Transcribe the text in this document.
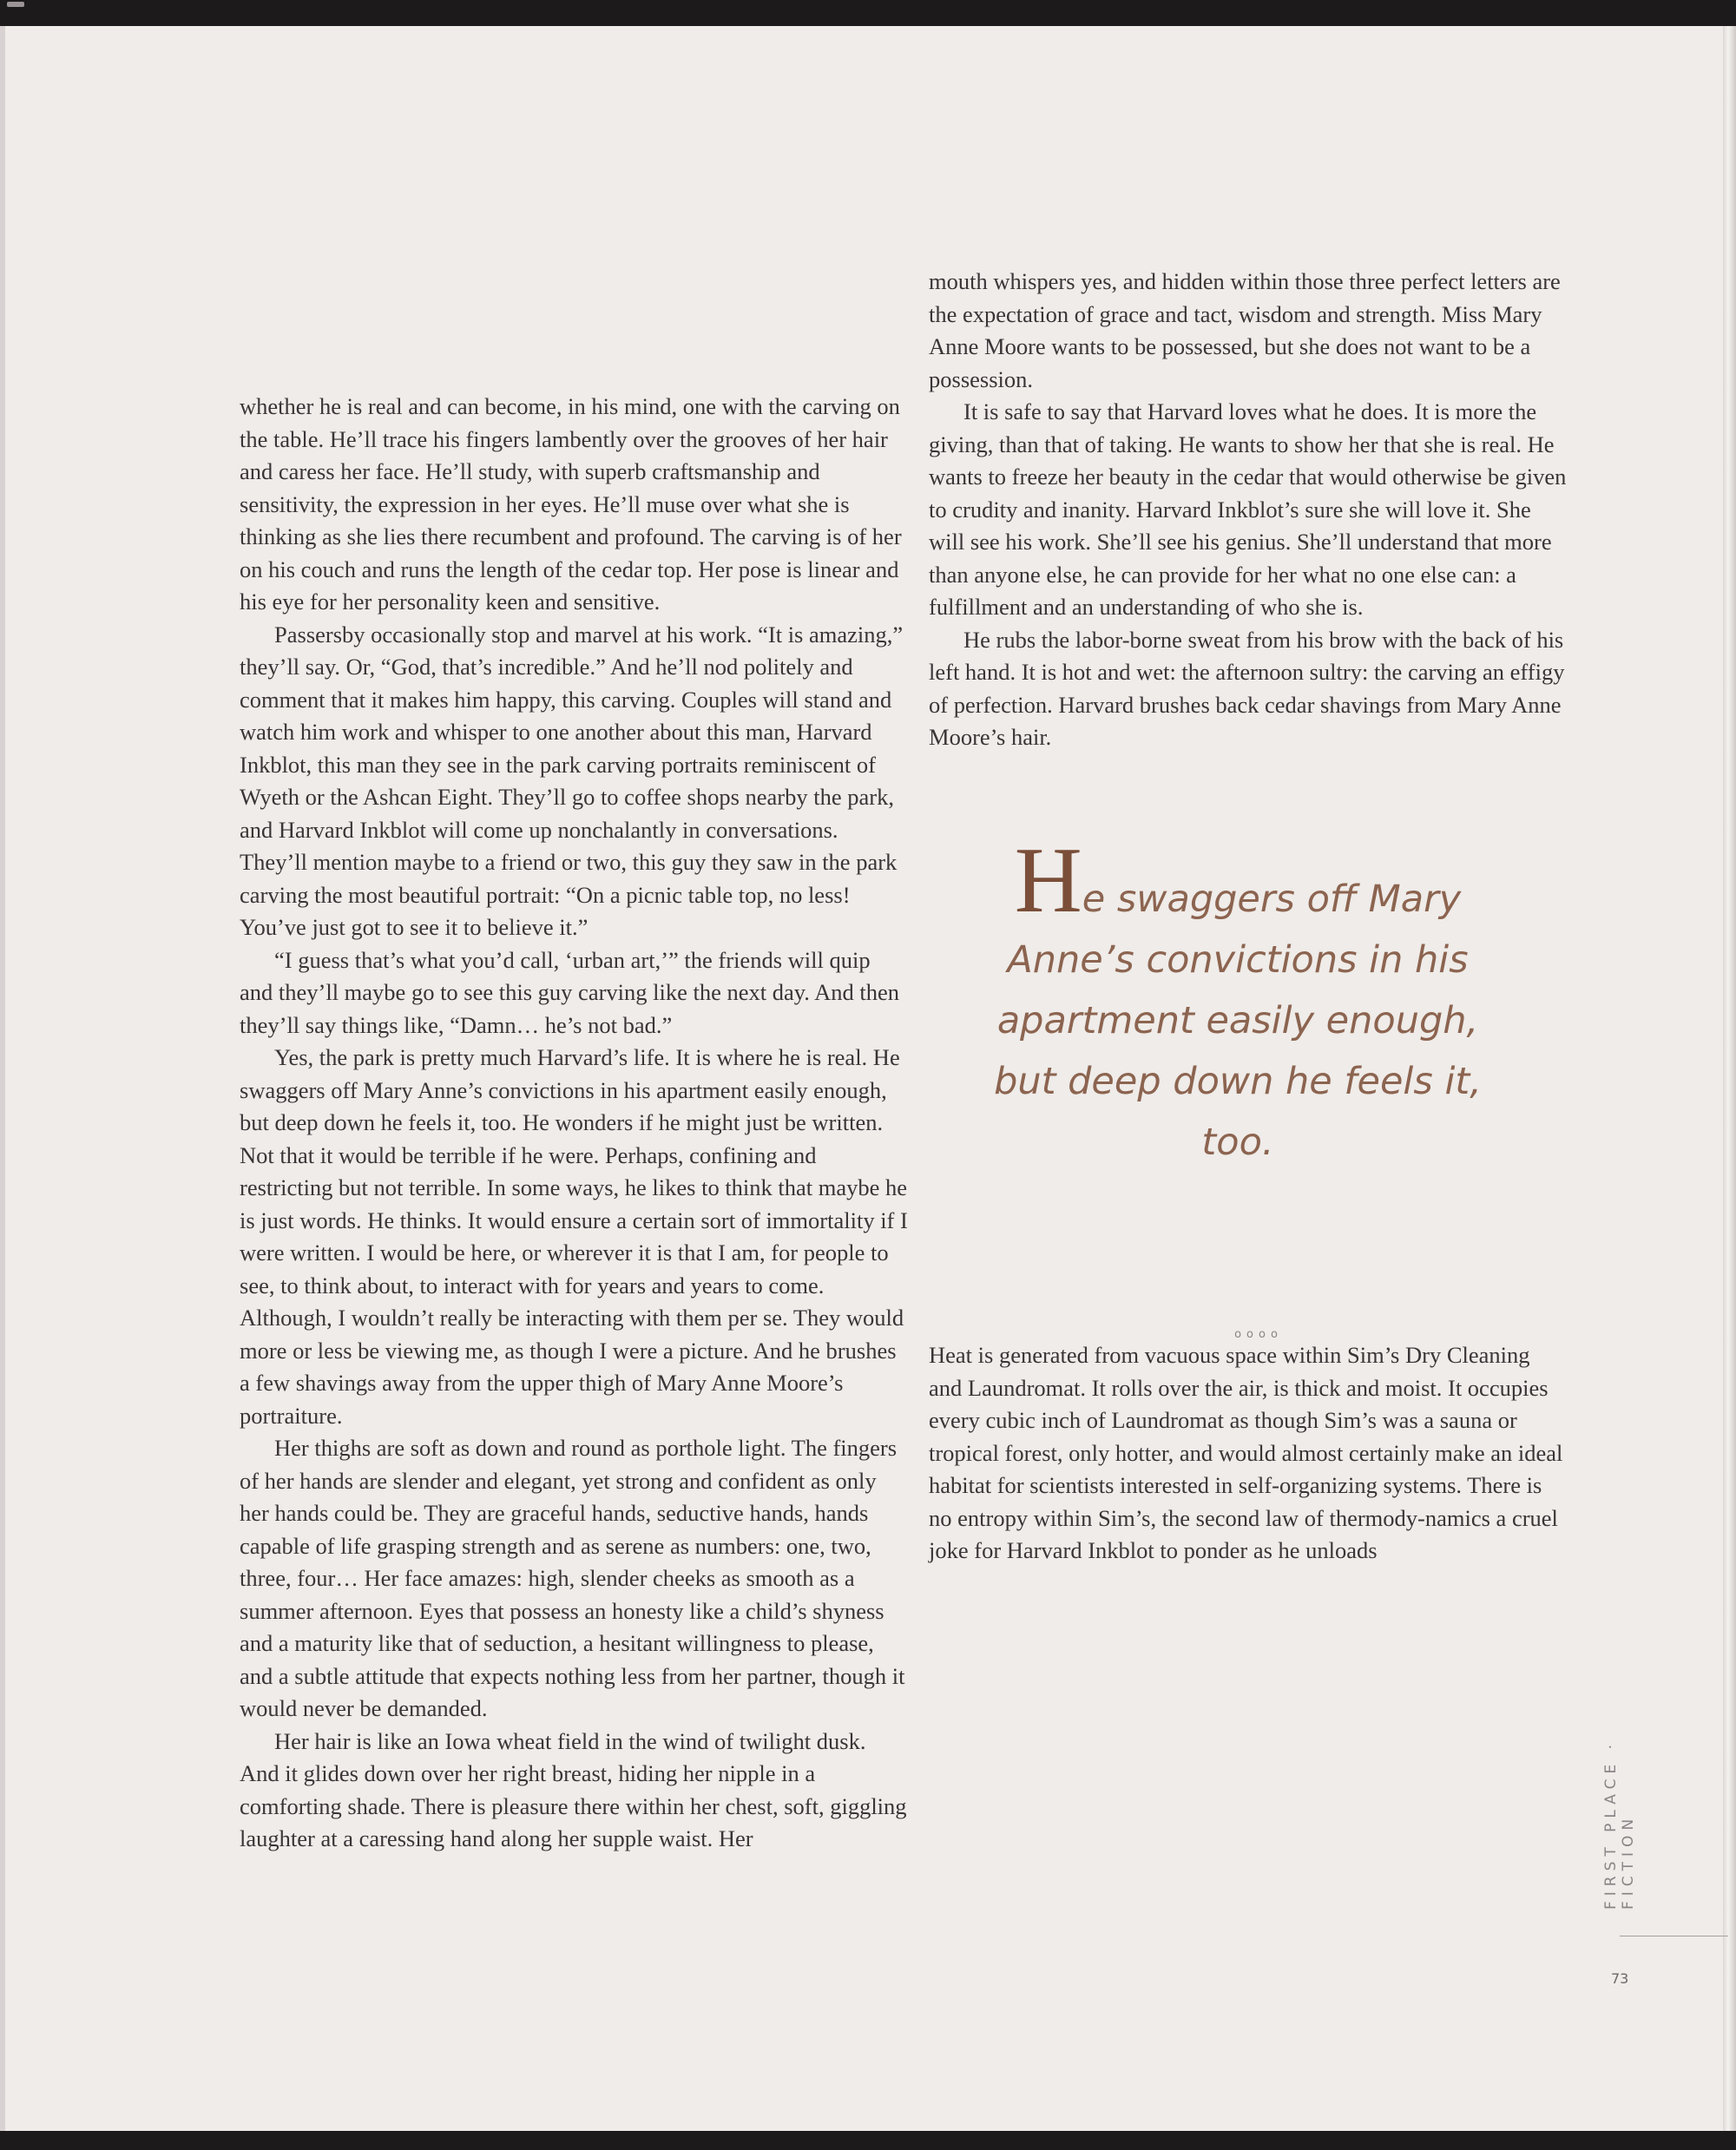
whether he is real and can become, in his mind, one with the carving on the table. He’ll trace his fingers lambently over the grooves of her hair and caress her face. He’ll study, with superb craftsmanship and sensitivity, the expression in her eyes. He’ll muse over what she is thinking as she lies there recumbent and profound. The carving is of her on his couch and runs the length of the cedar top. Her pose is linear and his eye for her personality keen and sensitive.

Passersby occasionally stop and marvel at his work. “It is amazing,” they’ll say. Or, “God, that’s incredible.” And he’ll nod politely and comment that it makes him happy, this carving. Couples will stand and watch him work and whisper to one another about this man, Harvard Inkblot, this man they see in the park carving portraits reminiscent of Wyeth or the Ashcan Eight. They’ll go to coffee shops nearby the park, and Harvard Inkblot will come up nonchalantly in conversations. They’ll mention maybe to a friend or two, this guy they saw in the park carving the most beautiful portrait: “On a picnic table top, no less! You’ve just got to see it to believe it.”

“I guess that’s what you’d call, ‘urban art,’” the friends will quip and they’ll maybe go to see this guy carving like the next day. And then they’ll say things like, “Damn… he’s not bad.”

Yes, the park is pretty much Harvard’s life. It is where he is real. He swaggers off Mary Anne’s convictions in his apartment easily enough, but deep down he feels it, too. He wonders if he might just be written. Not that it would be terrible if he were. Perhaps, confining and restricting but not terrible. In some ways, he likes to think that maybe he is just words. He thinks. It would ensure a certain sort of immortality if I were written. I would be here, or wherever it is that I am, for people to see, to think about, to interact with for years and years to come. Although, I wouldn’t really be interacting with them per se. They would more or less be viewing me, as though I were a picture. And he brushes a few shavings away from the upper thigh of Mary Anne Moore’s portraiture.

Her thighs are soft as down and round as porthole light. The fingers of her hands are slender and elegant, yet strong and confident as only her hands could be. They are graceful hands, seductive hands, hands capable of life grasping strength and as serene as numbers: one, two, three, four… Her face amazes: high, slender cheeks as smooth as a summer afternoon. Eyes that possess an honesty like a child’s shyness and a maturity like that of seduction, a hesitant willingness to please, and a subtle attitude that expects nothing less from her partner, though it would never be demanded.

Her hair is like an Iowa wheat field in the wind of twilight dusk. And it glides down over her right breast, hiding her nipple in a comforting shade. There is pleasure there within her chest, soft, giggling laughter at a caressing hand along her supple waist. Her

mouth whispers yes, and hidden within those three perfect letters are the expectation of grace and tact, wisdom and strength. Miss Mary Anne Moore wants to be possessed, but she does not want to be a possession.

It is safe to say that Harvard loves what he does. It is more the giving, than that of taking. He wants to show her that she is real. He wants to freeze her beauty in the cedar that would otherwise be given to crudity and inanity. Harvard Inkblot’s sure she will love it. She will see his work. She’ll see his genius. She’ll understand that more than anyone else, he can provide for her what no one else can: a fulfillment and an understanding of who she is.

He rubs the labor-borne sweat from his brow with the back of his left hand. It is hot and wet: the afternoon sultry: the carving an effigy of perfection. Harvard brushes back cedar shavings from Mary Anne Moore’s hair.

He swaggers off Mary Anne’s convictions in his apartment easily enough, but deep down he feels it, too.
oooo

Heat is generated from vacuous space within Sim’s Dry Cleaning and Laundromat. It rolls over the air, is thick and moist. It occupies every cubic inch of Laundromat as though Sim’s was a sauna or tropical forest, only hotter, and would almost certainly make an ideal habitat for scientists interested in self-organizing systems. There is no entropy within Sim’s, the second law of thermody-namics a cruel joke for Harvard Inkblot to ponder as he unloads

FIRST PLACE · FICTION
73
